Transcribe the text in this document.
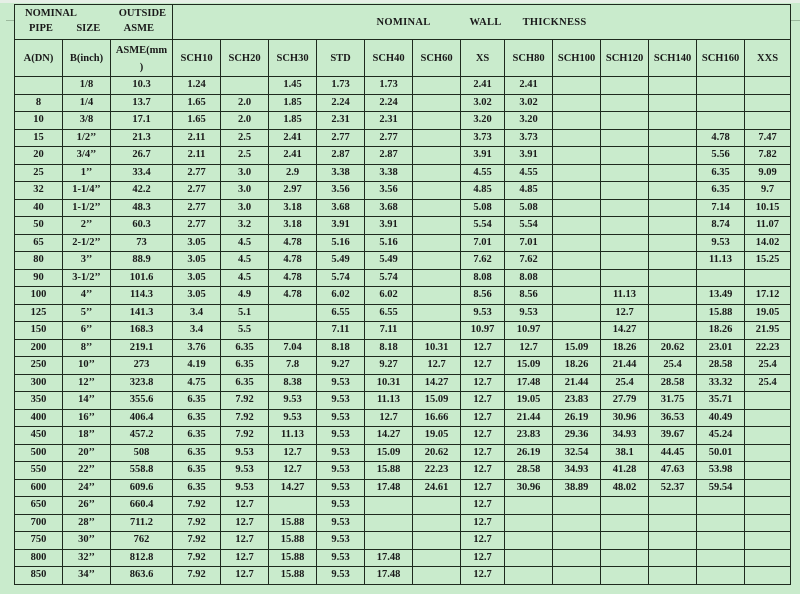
NOMINAL OUTSIDE
PIPE SIZE ASME			NOMINAL WALL THICKNESS												

A(DN)	B(inch)	ASME(mm )	SCH10	SCH20	SCH30	STD	SCH40	SCH60	XS	SCH80	SCH100	SCH120	SCH140	SCH160	XXS
	1/8	10.3	1.24		1.45	1.73	1.73		2.41	2.41					
8	1/4	13.7	1.65	2.0	1.85	2.24	2.24		3.02	3.02					
10	3/8	17.1	1.65	2.0	1.85	2.31	2.31		3.20	3.20					
15	1/2’’	21.3	2.11	2.5	2.41	2.77	2.77		3.73	3.73				4.78	7.47
20	3/4’’	26.7	2.11	2.5	2.41	2.87	2.87		3.91	3.91				5.56	7.82
25	1’’	33.4	2.77	3.0	2.9	3.38	3.38		4.55	4.55				6.35	9.09
32	1-1/4’’	42.2	2.77	3.0	2.97	3.56	3.56		4.85	4.85				6.35	9.7
40	1-1/2’’	48.3	2.77	3.0	3.18	3.68	3.68		5.08	5.08				7.14	10.15
50	2’’	60.3	2.77	3.2	3.18	3.91	3.91		5.54	5.54				8.74	11.07
65	2-1/2’’	73	3.05	4.5	4.78	5.16	5.16		7.01	7.01				9.53	14.02
80	3’’	88.9	3.05	4.5	4.78	5.49	5.49		7.62	7.62				11.13	15.25
90	3-1/2’’	101.6	3.05	4.5	4.78	5.74	5.74		8.08	8.08					
100	4’’	114.3	3.05	4.9	4.78	6.02	6.02		8.56	8.56		11.13		13.49	17.12
125	5’’	141.3	3.4	5.1		6.55	6.55		9.53	9.53		12.7		15.88	19.05
150	6’’	168.3	3.4	5.5		7.11	7.11		10.97	10.97		14.27		18.26	21.95
200	8’’	219.1	3.76	6.35	7.04	8.18	8.18	10.31	12.7	12.7	15.09	18.26	20.62	23.01	22.23
250	10’’	273	4.19	6.35	7.8	9.27	9.27	12.7	12.7	15.09	18.26	21.44	25.4	28.58	25.4
300	12’’	323.8	4.75	6.35	8.38	9.53	10.31	14.27	12.7	17.48	21.44	25.4	28.58	33.32	25.4
350	14’’	355.6	6.35	7.92	9.53	9.53	11.13	15.09	12.7	19.05	23.83	27.79	31.75	35.71	
400	16’’	406.4	6.35	7.92	9.53	9.53	12.7	16.66	12.7	21.44	26.19	30.96	36.53	40.49	
450	18’’	457.2	6.35	7.92	11.13	9.53	14.27	19.05	12.7	23.83	29.36	34.93	39.67	45.24	
500	20’’	508	6.35	9.53	12.7	9.53	15.09	20.62	12.7	26.19	32.54	38.1	44.45	50.01	
550	22’’	558.8	6.35	9.53	12.7	9.53	15.88	22.23	12.7	28.58	34.93	41.28	47.63	53.98	
600	24’’	609.6	6.35	9.53	14.27	9.53	17.48	24.61	12.7	30.96	38.89	48.02	52.37	59.54	
650	26’’	660.4	7.92	12.7		9.53			12.7						
700	28’’	711.2	7.92	12.7	15.88	9.53			12.7						
750	30’’	762	7.92	12.7	15.88	9.53			12.7						
800	32’’	812.8	7.92	12.7	15.88	9.53	17.48		12.7						
850	34’’	863.6	7.92	12.7	15.88	9.53	17.48		12.7						
